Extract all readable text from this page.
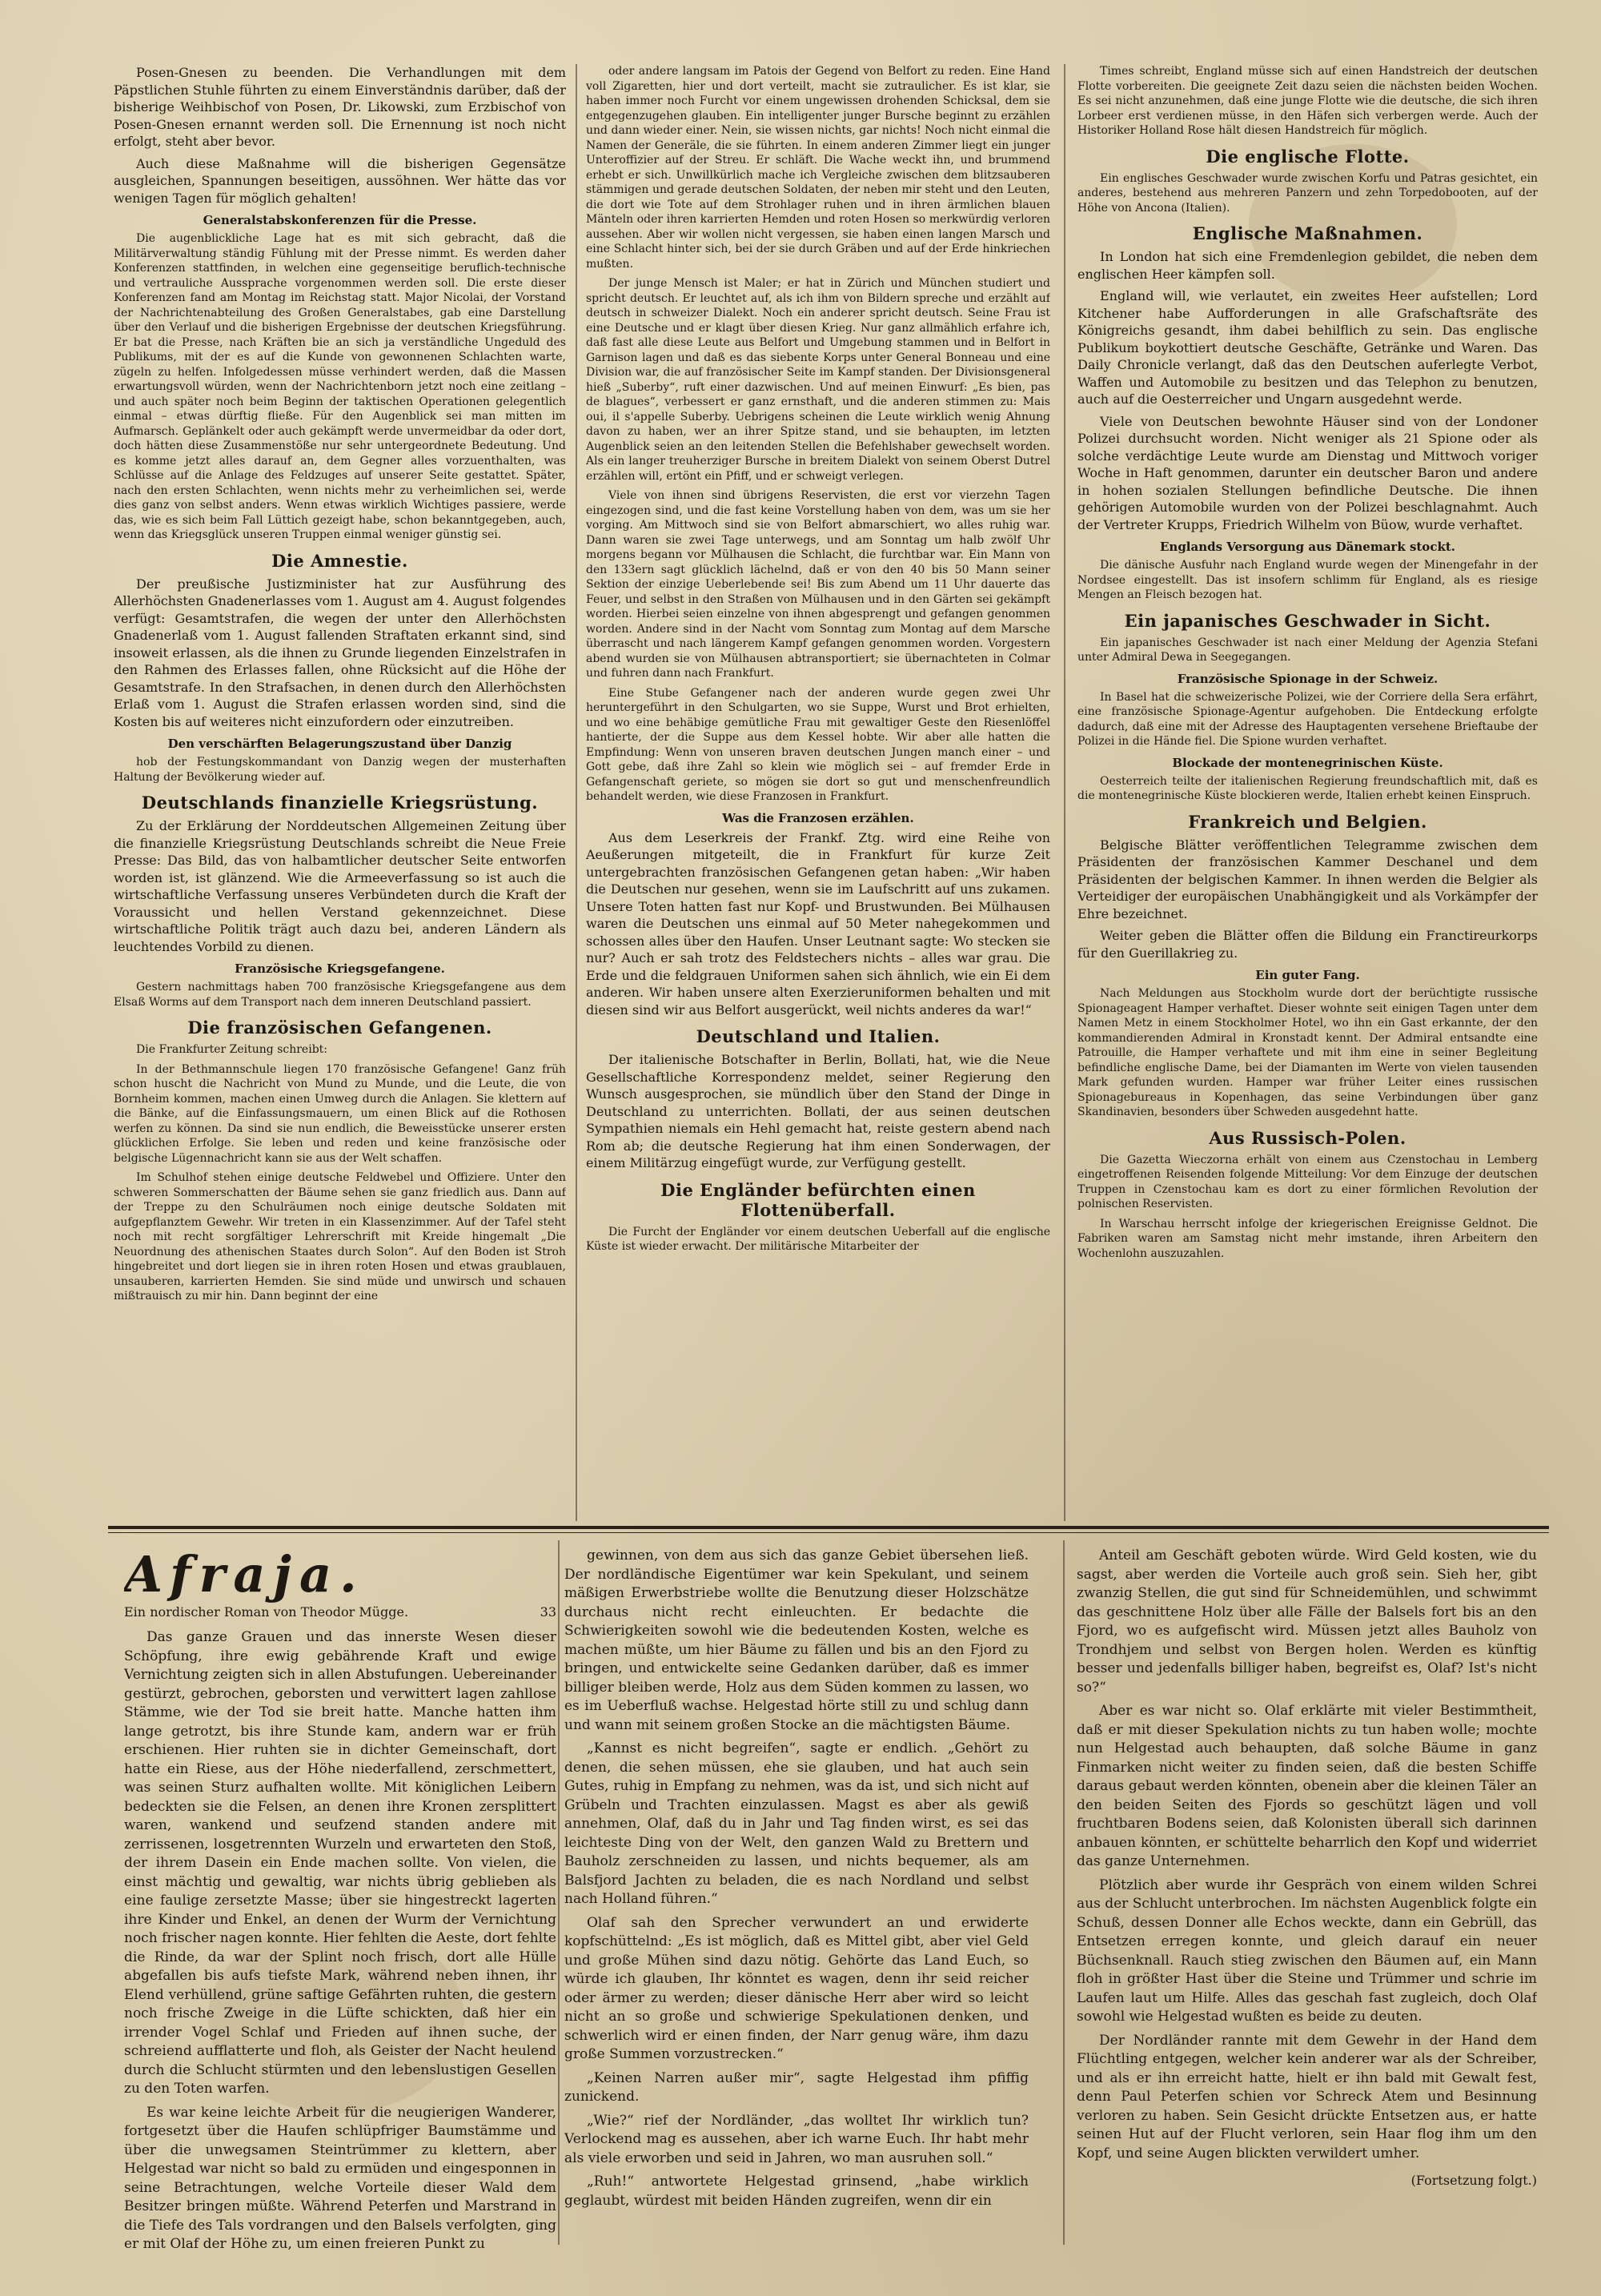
Posen-Gnesen zu beenden. Die Verhandlungen mit dem Päpstlichen Stuhle führten zu einem Einverständnis darüber, daß der bisherige Weihbischof von Posen, Dr. Likowski, zum Erzbischof von Posen-Gnesen ernannt werden soll. Die Ernennung ist noch nicht erfolgt, steht aber bevor.

Auch diese Maßnahme will die bisherigen Gegensätze ausgleichen, Spannungen beseitigen, aussöhnen. Wer hätte das vor wenigen Tagen für möglich gehalten!

Generalstabskonferenzen für die Presse.

Die augenblickliche Lage hat es mit sich gebracht, daß die Militärverwaltung ständig Fühlung mit der Presse nimmt. Es werden daher Konferenzen stattfinden, in welchen eine gegenseitige beruflich-technische und vertrauliche Aussprache vorgenommen werden soll. Die erste dieser Konferenzen fand am Montag im Reichstag statt. Major Nicolai, der Vorstand der Nachrichtenabteilung des Großen Generalstabes, gab eine Darstellung über den Verlauf und die bisherigen Ergebnisse der deutschen Kriegsführung. Er bat die Presse, nach Kräften bie an sich ja verständliche Ungeduld des Publikums, mit der es auf die Kunde von gewonnenen Schlachten warte, zügeln zu helfen. Infolgedessen müsse verhindert werden, daß die Massen erwartungsvoll würden, wenn der Nachrichtenborn jetzt noch eine zeitlang – und auch später noch beim Beginn der taktischen Operationen gelegentlich einmal – etwas dürftig fließe. Für den Augenblick sei man mitten im Aufmarsch. Geplänkelt oder auch gekämpft werde unvermeidbar da oder dort, doch hätten diese Zusammenstöße nur sehr untergeordnete Bedeutung. Und es komme jetzt alles darauf an, dem Gegner alles vorzuenthalten, was Schlüsse auf die Anlage des Feldzuges auf unserer Seite gestattet. Später, nach den ersten Schlachten, wenn nichts mehr zu verheimlichen sei, werde dies ganz von selbst anders. Wenn etwas wirklich Wichtiges passiere, werde das, wie es sich beim Fall Lüttich gezeigt habe, schon bekanntgegeben, auch, wenn das Kriegsglück unseren Truppen einmal weniger günstig sei.

Die Amnestie.

Der preußische Justizminister hat zur Ausführung des Allerhöchsten Gnadenerlasses vom 1. August am 4. August folgendes verfügt: Gesamtstrafen, die wegen der unter den Allerhöchsten Gnadenerlaß vom 1. August fallenden Straftaten erkannt sind, sind insoweit erlassen, als die ihnen zu Grunde liegenden Einzelstrafen in den Rahmen des Erlasses fallen, ohne Rücksicht auf die Höhe der Gesamtstrafe. In den Strafsachen, in denen durch den Allerhöchsten Erlaß vom 1. August die Strafen erlassen worden sind, sind die Kosten bis auf weiteres nicht einzufordern oder einzutreiben.

Den verschärften Belagerungszustand über Danzig

hob der Festungskommandant von Danzig wegen der musterhaften Haltung der Bevölkerung wieder auf.

Deutschlands finanzielle Kriegsrüstung.

Zu der Erklärung der Norddeutschen Allgemeinen Zeitung über die finanzielle Kriegsrüstung Deutschlands schreibt die Neue Freie Presse: Das Bild, das von halbamtlicher deutscher Seite entworfen worden ist, ist glänzend. Wie die Armeeverfassung so ist auch die wirtschaftliche Verfassung unseres Verbündeten durch die Kraft der Voraussicht und hellen Verstand gekennzeichnet. Diese wirtschaftliche Politik trägt auch dazu bei, anderen Ländern als leuchtendes Vorbild zu dienen.

Französische Kriegsgefangene.

Gestern nachmittags haben 700 französische Kriegsgefangene aus dem Elsaß Worms auf dem Transport nach dem inneren Deutschland passiert.

Die französischen Gefangenen.

Die Frankfurter Zeitung schreibt:

In der Bethmannschule liegen 170 französische Gefangene! Ganz früh schon huscht die Nachricht von Mund zu Munde, und die Leute, die von Bornheim kommen, machen einen Umweg durch die Anlagen. Sie klettern auf die Bänke, auf die Einfassungsmauern, um einen Blick auf die Rothosen werfen zu können. Da sind sie nun endlich, die Beweisstücke unserer ersten glücklichen Erfolge. Sie leben und reden und keine französische oder belgische Lügennachricht kann sie aus der Welt schaffen.

Im Schulhof stehen einige deutsche Feldwebel und Offiziere. Unter den schweren Sommerschatten der Bäume sehen sie ganz friedlich aus. Dann auf der Treppe zu den Schulräumen noch einige deutsche Soldaten mit aufgepflanztem Gewehr. Wir treten in ein Klassenzimmer. Auf der Tafel steht noch mit recht sorgfältiger Lehrerschrift mit Kreide hingemalt „Die Neuordnung des athenischen Staates durch Solon“. Auf den Boden ist Stroh hingebreitet und dort liegen sie in ihren roten Hosen und etwas graublauen, unsauberen, karrierten Hemden. Sie sind müde und unwirsch und schauen mißtrauisch zu mir hin. Dann beginnt der eine

oder andere langsam im Patois der Gegend von Belfort zu reden. Eine Hand voll Zigaretten, hier und dort verteilt, macht sie zutraulicher. Es ist klar, sie haben immer noch Furcht vor einem ungewissen drohenden Schicksal, dem sie entgegenzugehen glauben. Ein intelligenter junger Bursche beginnt zu erzählen und dann wieder einer. Nein, sie wissen nichts, gar nichts! Noch nicht einmal die Namen der Generäle, die sie führten. In einem anderen Zimmer liegt ein junger Unteroffizier auf der Streu. Er schläft. Die Wache weckt ihn, und brummend erhebt er sich. Unwillkürlich mache ich Vergleiche zwischen dem blitzsauberen stämmigen und gerade deutschen Soldaten, der neben mir steht und den Leuten, die dort wie Tote auf dem Strohlager ruhen und in ihren ärmlichen blauen Mänteln oder ihren karrierten Hemden und roten Hosen so merkwürdig verloren aussehen. Aber wir wollen nicht vergessen, sie haben einen langen Marsch und eine Schlacht hinter sich, bei der sie durch Gräben und auf der Erde hinkriechen mußten.

Der junge Mensch ist Maler; er hat in Zürich und München studiert und spricht deutsch. Er leuchtet auf, als ich ihm von Bildern spreche und erzählt auf deutsch in schweizer Dialekt. Noch ein anderer spricht deutsch. Seine Frau ist eine Deutsche und er klagt über diesen Krieg. Nur ganz allmählich erfahre ich, daß fast alle diese Leute aus Belfort und Umgebung stammen und in Belfort in Garnison lagen und daß es das siebente Korps unter General Bonneau und eine Division war, die auf französischer Seite im Kampf standen. Der Divisionsgeneral hieß „Suberby“, ruft einer dazwischen. Und auf meinen Einwurf: „Es bien, pas de blagues“, verbessert er ganz ernsthaft, und die anderen stimmen zu: Mais oui, il s'appelle Suberby. Uebrigens scheinen die Leute wirklich wenig Ahnung davon zu haben, wer an ihrer Spitze stand, und sie behaupten, im letzten Augenblick seien an den leitenden Stellen die Befehlshaber gewechselt worden. Als ein langer treuherziger Bursche in breitem Dialekt von seinem Oberst Dutrel erzählen will, ertönt ein Pfiff, und er schweigt verlegen.

Viele von ihnen sind übrigens Reservisten, die erst vor vierzehn Tagen eingezogen sind, und die fast keine Vorstellung haben von dem, was um sie her vorging. Am Mittwoch sind sie von Belfort abmarschiert, wo alles ruhig war. Dann waren sie zwei Tage unterwegs, und am Sonntag um halb zwölf Uhr morgens begann vor Mülhausen die Schlacht, die furchtbar war. Ein Mann von den 133ern sagt glücklich lächelnd, daß er von den 40 bis 50 Mann seiner Sektion der einzige Ueberlebende sei! Bis zum Abend um 11 Uhr dauerte das Feuer, und selbst in den Straßen von Mülhausen und in den Gärten sei gekämpft worden. Hierbei seien einzelne von ihnen abgesprengt und gefangen genommen worden. Andere sind in der Nacht vom Sonntag zum Montag auf dem Marsche überrascht und nach längerem Kampf gefangen genommen worden. Vorgestern abend wurden sie von Mülhausen abtransportiert; sie übernachteten in Colmar und fuhren dann nach Frankfurt.

Eine Stube Gefangener nach der anderen wurde gegen zwei Uhr heruntergeführt in den Schulgarten, wo sie Suppe, Wurst und Brot erhielten, und wo eine behäbige gemütliche Frau mit gewaltiger Geste den Riesenlöffel hantierte, der die Suppe aus dem Kessel hobte. Wir aber alle hatten die Empfindung: Wenn von unseren braven deutschen Jungen manch einer – und Gott gebe, daß ihre Zahl so klein wie möglich sei – auf fremder Erde in Gefangenschaft geriete, so mögen sie dort so gut und menschenfreundlich behandelt werden, wie diese Franzosen in Frankfurt.

Was die Franzosen erzählen.

Aus dem Leserkreis der Frankf. Ztg. wird eine Reihe von Aeußerungen mitgeteilt, die in Frankfurt für kurze Zeit untergebrachten französischen Gefangenen getan haben: „Wir haben die Deutschen nur gesehen, wenn sie im Laufschritt auf uns zukamen. Unsere Toten hatten fast nur Kopf- und Brustwunden. Bei Mülhausen waren die Deutschen uns einmal auf 50 Meter nahegekommen und schossen alles über den Haufen. Unser Leutnant sagte: Wo stecken sie nur? Auch er sah trotz des Feldstechers nichts – alles war grau. Die Erde und die feldgrauen Uniformen sahen sich ähnlich, wie ein Ei dem anderen. Wir haben unsere alten Exerzieruniformen behalten und mit diesen sind wir aus Belfort ausgerückt, weil nichts anderes da war!“

Deutschland und Italien.

Der italienische Botschafter in Berlin, Bollati, hat, wie die Neue Gesellschaftliche Korrespondenz meldet, seiner Regierung den Wunsch ausgesprochen, sie mündlich über den Stand der Dinge in Deutschland zu unterrichten. Bollati, der aus seinen deutschen Sympathien niemals ein Hehl gemacht hat, reiste gestern abend nach Rom ab; die deutsche Regierung hat ihm einen Sonderwagen, der einem Militärzug eingefügt wurde, zur Verfügung gestellt.

Die Engländer befürchten einen Flottenüberfall.

Die Furcht der Engländer vor einem deutschen Ueberfall auf die englische Küste ist wieder erwacht. Der militärische Mitarbeiter der

Times schreibt, England müsse sich auf einen Handstreich der deutschen Flotte vorbereiten. Die geeignete Zeit dazu seien die nächsten beiden Wochen. Es sei nicht anzunehmen, daß eine junge Flotte wie die deutsche, die sich ihren Lorbeer erst verdienen müsse, in den Häfen sich verbergen werde. Auch der Historiker Holland Rose hält diesen Handstreich für möglich.

Die englische Flotte.

Ein englisches Geschwader wurde zwischen Korfu und Patras gesichtet, ein anderes, bestehend aus mehreren Panzern und zehn Torpedobooten, auf der Höhe von Ancona (Italien).

Englische Maßnahmen.

In London hat sich eine Fremdenlegion gebildet, die neben dem englischen Heer kämpfen soll.

England will, wie verlautet, ein zweites Heer aufstellen; Lord Kitchener habe Aufforderungen in alle Grafschaftsräte des Königreichs gesandt, ihm dabei behilflich zu sein. Das englische Publikum boykottiert deutsche Geschäfte, Getränke und Waren. Das Daily Chronicle verlangt, daß das den Deutschen auferlegte Verbot, Waffen und Automobile zu besitzen und das Telephon zu benutzen, auch auf die Oesterreicher und Ungarn ausgedehnt werde.

Viele von Deutschen bewohnte Häuser sind von der Londoner Polizei durchsucht worden. Nicht weniger als 21 Spione oder als solche verdächtige Leute wurde am Dienstag und Mittwoch voriger Woche in Haft genommen, darunter ein deutscher Baron und andere in hohen sozialen Stellungen befindliche Deutsche. Die ihnen gehörigen Automobile wurden von der Polizei beschlagnahmt. Auch der Vertreter Krupps, Friedrich Wilhelm von Büow, wurde verhaftet.

Englands Versorgung aus Dänemark stockt.

Die dänische Ausfuhr nach England wurde wegen der Minengefahr in der Nordsee eingestellt. Das ist insofern schlimm für England, als es riesige Mengen an Fleisch bezogen hat.

Ein japanisches Geschwader in Sicht.

Ein japanisches Geschwader ist nach einer Meldung der Agenzia Stefani unter Admiral Dewa in Seegegangen.

Französische Spionage in der Schweiz.

In Basel hat die schweizerische Polizei, wie der Corriere della Sera erfährt, eine französische Spionage-Agentur aufgehoben. Die Entdeckung erfolgte dadurch, daß eine mit der Adresse des Hauptagenten versehene Brieftaube der Polizei in die Hände fiel. Die Spione wurden verhaftet.

Blockade der montenegrinischen Küste.

Oesterreich teilte der italienischen Regierung freundschaftlich mit, daß es die montenegrinische Küste blockieren werde, Italien erhebt keinen Einspruch.

Frankreich und Belgien.

Belgische Blätter veröffentlichen Telegramme zwischen dem Präsidenten der französischen Kammer Deschanel und dem Präsidenten der belgischen Kammer. In ihnen werden die Belgier als Verteidiger der europäischen Unabhängigkeit und als Vorkämpfer der Ehre bezeichnet.

Weiter geben die Blätter offen die Bildung ein Franctireurkorps für den Guerillakrieg zu.

Ein guter Fang.

Nach Meldungen aus Stockholm wurde dort der berüchtigte russische Spionageagent Hamper verhaftet. Dieser wohnte seit einigen Tagen unter dem Namen Metz in einem Stockholmer Hotel, wo ihn ein Gast erkannte, der den kommandierenden Admiral in Kronstadt kennt. Der Admiral entsandte eine Patrouille, die Hamper verhaftete und mit ihm eine in seiner Begleitung befindliche englische Dame, bei der Diamanten im Werte von vielen tausenden Mark gefunden wurden. Hamper war früher Leiter eines russischen Spionagebureaus in Kopenhagen, das seine Verbindungen über ganz Skandinavien, besonders über Schweden ausgedehnt hatte.

Aus Russisch-Polen.

Die Gazetta Wieczorna erhält von einem aus Czenstochau in Lemberg eingetroffenen Reisenden folgende Mitteilung: Vor dem Einzuge der deutschen Truppen in Czenstochau kam es dort zu einer förmlichen Revolution der polnischen Reservisten.

In Warschau herrscht infolge der kriegerischen Ereignisse Geldnot. Die Fabriken waren am Samstag nicht mehr imstande, ihren Arbeitern den Wochenlohn auszuzahlen.

Afraja.
Ein nordischer Roman von Theodor Mügge.	33

Das ganze Grauen und das innerste Wesen dieser Schöpfung, ihre ewig gebährende Kraft und ewige Vernichtung zeigten sich in allen Abstufungen. Uebereinander gestürzt, gebrochen, geborsten und verwittert lagen zahllose Stämme, wie der Tod sie breit hatte. Manche hatten ihm lange getrotzt, bis ihre Stunde kam, andern war er früh erschienen. Hier ruhten sie in dichter Gemeinschaft, dort hatte ein Riese, aus der Höhe niederfallend, zerschmettert, was seinen Sturz aufhalten wollte. Mit königlichen Leibern bedeckten sie die Felsen, an denen ihre Kronen zersplittert waren, wankend und seufzend standen andere mit zerrissenen, losgetrennten Wurzeln und erwarteten den Stoß, der ihrem Dasein ein Ende machen sollte. Von vielen, die einst mächtig und gewaltig, war nichts übrig geblieben als eine faulige zersetzte Masse; über sie hingestreckt lagerten ihre Kinder und Enkel, an denen der Wurm der Vernichtung noch frischer nagen konnte. Hier fehlten die Aeste, dort fehlte die Rinde, da war der Splint noch frisch, dort alle Hülle abgefallen bis aufs tiefste Mark, während neben ihnen, ihr Elend verhüllend, grüne saftige Gefährten ruhten, die gestern noch frische Zweige in die Lüfte schickten, daß hier ein irrender Vogel Schlaf und Frieden auf ihnen suche, der schreiend aufflatterte und floh, als Geister der Nacht heulend durch die Schlucht stürmten und den lebenslustigen Gesellen zu den Toten warfen.

Es war keine leichte Arbeit für die neugierigen Wanderer, fortgesetzt über die Haufen schlüpfriger Baumstämme und über die unwegsamen Steintrümmer zu klettern, aber Helgestad war nicht so bald zu ermüden und eingesponnen in seine Betrachtungen, welche Vorteile dieser Wald dem Besitzer bringen müßte. Während Peterfen und Marstrand in die Tiefe des Tals vordrangen und den Balsels verfolgten, ging er mit Olaf der Höhe zu, um einen freieren Punkt zu

gewinnen, von dem aus sich das ganze Gebiet übersehen ließ. Der nordländische Eigentümer war kein Spekulant, und seinem mäßigen Erwerbstriebe wollte die Benutzung dieser Holzschätze durchaus nicht recht einleuchten. Er bedachte die Schwierigkeiten sowohl wie die bedeutenden Kosten, welche es machen müßte, um hier Bäume zu fällen und bis an den Fjord zu bringen, und entwickelte seine Gedanken darüber, daß es immer billiger bleiben werde, Holz aus dem Süden kommen zu lassen, wo es im Ueberfluß wachse. Helgestad hörte still zu und schlug dann und wann mit seinem großen Stocke an die mächtigsten Bäume.

„Kannst es nicht begreifen“, sagte er endlich. „Gehört zu denen, die sehen müssen, ehe sie glauben, und hat auch sein Gutes, ruhig in Empfang zu nehmen, was da ist, und sich nicht auf Grübeln und Trachten einzulassen. Magst es aber als gewiß annehmen, Olaf, daß du in Jahr und Tag finden wirst, es sei das leichteste Ding von der Welt, den ganzen Wald zu Brettern und Bauholz zerschneiden zu lassen, und nichts bequemer, als am Balsfjord Jachten zu beladen, die es nach Nordland und selbst nach Holland führen.“

Olaf sah den Sprecher verwundert an und erwiderte kopfschüttelnd: „Es ist möglich, daß es Mittel gibt, aber viel Geld und große Mühen sind dazu nötig. Gehörte das Land Euch, so würde ich glauben, Ihr könntet es wagen, denn ihr seid reicher oder ärmer zu werden; dieser dänische Herr aber wird so leicht nicht an so große und schwierige Spekulationen denken, und schwerlich wird er einen finden, der Narr genug wäre, ihm dazu große Summen vorzustrecken.“

„Keinen Narren außer mir“, sagte Helgestad ihm pfiffig zunickend.

„Wie?“ rief der Nordländer, „das wolltet Ihr wirklich tun? Verlockend mag es aussehen, aber ich warne Euch. Ihr habt mehr als viele erworben und seid in Jahren, wo man ausruhen soll.“

„Ruh!“ antwortete Helgestad grinsend, „habe wirklich geglaubt, würdest mit beiden Händen zugreifen, wenn dir ein

Anteil am Geschäft geboten würde. Wird Geld kosten, wie du sagst, aber werden die Vorteile auch groß sein. Sieh her, gibt zwanzig Stellen, die gut sind für Schneidemühlen, und schwimmt das geschnittene Holz über alle Fälle der Balsels fort bis an den Fjord, wo es aufgefischt wird. Müssen jetzt alles Bauholz von Trondhjem und selbst von Bergen holen. Werden es künftig besser und jedenfalls billiger haben, begreifst es, Olaf? Ist's nicht so?“

Aber es war nicht so. Olaf erklärte mit vieler Bestimmtheit, daß er mit dieser Spekulation nichts zu tun haben wolle; mochte nun Helgestad auch behaupten, daß solche Bäume in ganz Finmarken nicht weiter zu finden seien, daß die besten Schiffe daraus gebaut werden könnten, obenein aber die kleinen Täler an den beiden Seiten des Fjords so geschützt lägen und voll fruchtbaren Bodens seien, daß Kolonisten überall sich darinnen anbauen könnten, er schüttelte beharrlich den Kopf und widerriet das ganze Unternehmen.

Plötzlich aber wurde ihr Gespräch von einem wilden Schrei aus der Schlucht unterbrochen. Im nächsten Augenblick folgte ein Schuß, dessen Donner alle Echos weckte, dann ein Gebrüll, das Entsetzen erregen konnte, und gleich darauf ein neuer Büchsenknall. Rauch stieg zwischen den Bäumen auf, ein Mann floh in größter Hast über die Steine und Trümmer und schrie im Laufen laut um Hilfe. Alles das geschah fast zugleich, doch Olaf sowohl wie Helgestad wußten es beide zu deuten.

Der Nordländer rannte mit dem Gewehr in der Hand dem Flüchtling entgegen, welcher kein anderer war als der Schreiber, und als er ihn erreicht hatte, hielt er ihn bald mit Gewalt fest, denn Paul Peterfen schien vor Schreck Atem und Besinnung verloren zu haben. Sein Gesicht drückte Entsetzen aus, er hatte seinen Hut auf der Flucht verloren, sein Haar flog ihm um den Kopf, und seine Augen blickten verwildert umher.

(Fortsetzung folgt.)
